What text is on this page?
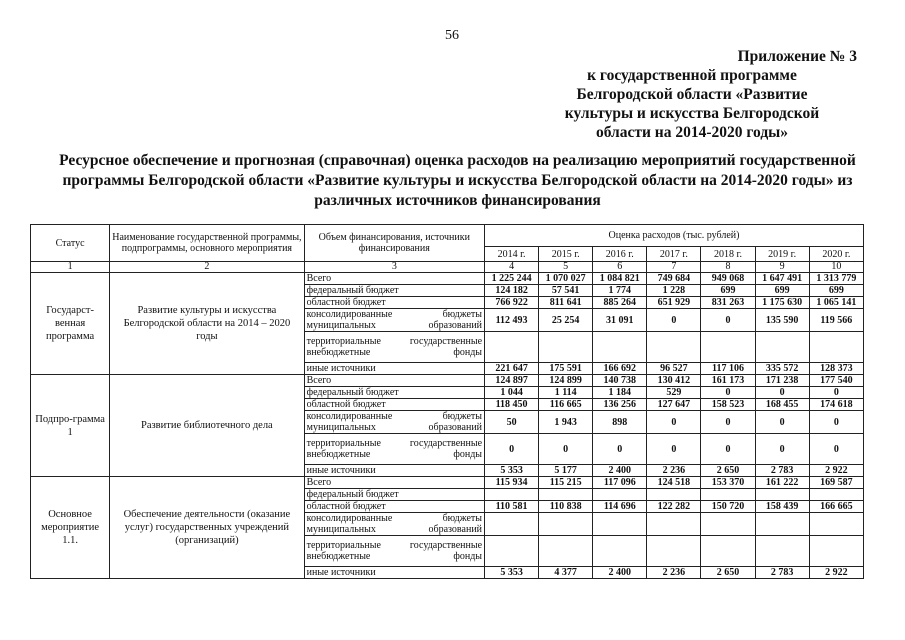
56
Приложение № 3
к государственной программе
Белгородской области «Развитие
культуры и искусства Белгородской
области на 2014-2020 годы»
Ресурсное обеспечение и прогнозная (справочная) оценка расходов на реализацию мероприятий государственной
программы Белгородской области «Развитие культуры и искусства Белгородской области на 2014-2020 годы» из
различных источников финансирования
Статус	Наименование государственной программы, подпрограммы, основного мероприятия	Объем финансирования, источники финансирования	Оценка расходов (тыс. рублей)						
			2014 г.	2015 г.	2016 г.	2017 г.	2018 г.	2019 г.	2020 г.
1	2	3	4	5	6	7	8	9	10
Государст-венная программа	Развитие культуры и искусства Белгородской области на 2014 – 2020 годы	Всего	1 225 244	1 070 027	1 084 821	749 684	949 068	1 647 491	1 313 779
		федеральный бюджет	124 182	57 541	1 774	1 228	699	699	699
		областной бюджет	766 922	811 641	885 264	651 929	831 263	1 175 630	1 065 141
		консолидированные бюджеты муниципальных образований	112 493	25 254	31 091	0	0	135 590	119 566
		территориальные государственные внебюджетные фонды							
		иные источники	221 647	175 591	166 692	96 527	117 106	335 572	128 373
Подпро-грамма 1	Развитие библиотечного дела	Всего	124 897	124 899	140 738	130 412	161 173	171 238	177 540
		федеральный бюджет	1 044	1 114	1 184	529	0	0	0
		областной бюджет	118 450	116 665	136 256	127 647	158 523	168 455	174 618
		консолидированные бюджеты муниципальных образований	50	1 943	898	0	0	0	0
		территориальные государственные внебюджетные фонды	0	0	0	0	0	0	0
		иные источники	5 353	5 177	2 400	2 236	2 650	2 783	2 922
Основное мероприятие 1.1.	Обеспечение деятельности (оказание услуг) государственных учреждений (организаций)	Всего	115 934	115 215	117 096	124 518	153 370	161 222	169 587
		федеральный бюджет							
		областной бюджет	110 581	110 838	114 696	122 282	150 720	158 439	166 665
		консолидированные бюджеты муниципальных образований							
		территориальные государственные внебюджетные фонды							
		иные источники	5 353	4 377	2 400	2 236	2 650	2 783	2 922
